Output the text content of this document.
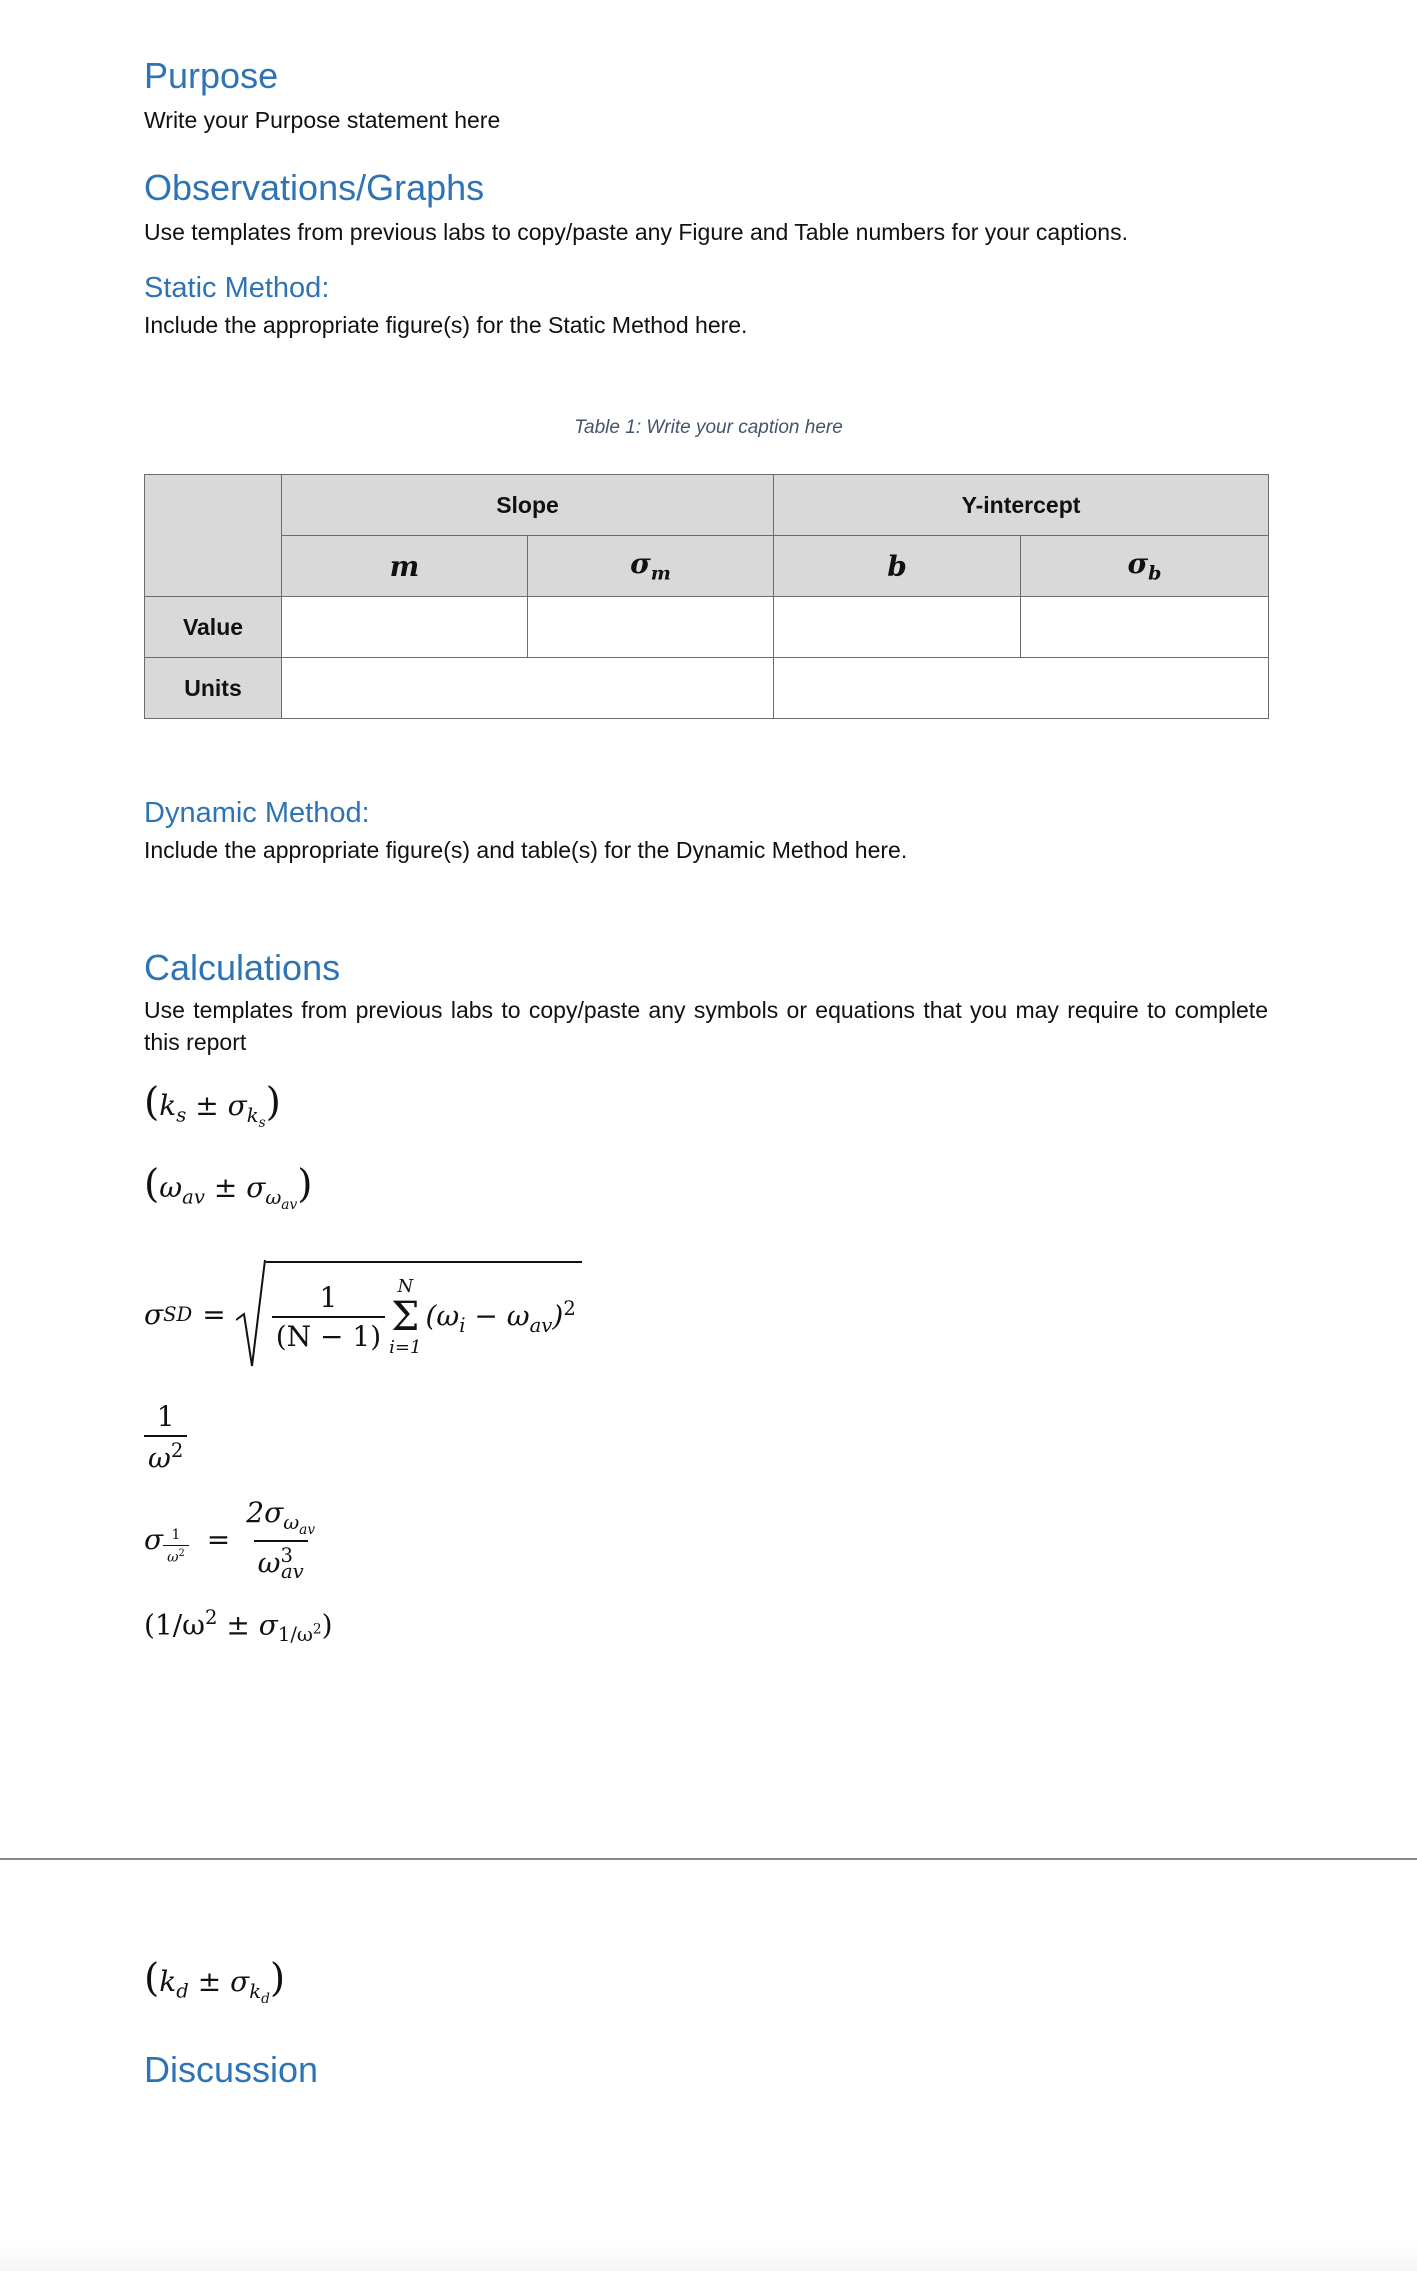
Purpose

Write your Purpose statement here

Observations/Graphs

Use templates from previous labs to copy/paste any Figure and Table numbers for your captions.

Static Method:

Include the appropriate figure(s) for the Static Method here.

Table 1: Write your caption here

	Slope		Y-intercept	
	m	$\sigma_m$	b	$\sigma_b$
Value				
Units				
Dynamic Method:

Include the appropriate figure(s) and table(s) for the Dynamic Method here.

Calculations

Use templates from previous labs to copy/paste any symbols or equations that you may require to complete this report

$(k_s \pm \sigma_{k_s})$
$(\omega_{av} \pm \sigma_{\omega_{av}})$
σ SD = $\frac{1}{(N - 1)}$ N
Σ
i=1
$(\omega_i - \omega_{av})^2$
$\frac{1}{\omega^2}$
σ $\frac{1}{\omega^2} = \frac{2\sigma_{\omega_{av}}}{\omega^3_{av}}$
$(1/\omega^2 \pm \sigma_{1/\omega^2})$
$(k_d \pm \sigma_{k_d})$
Discussion
